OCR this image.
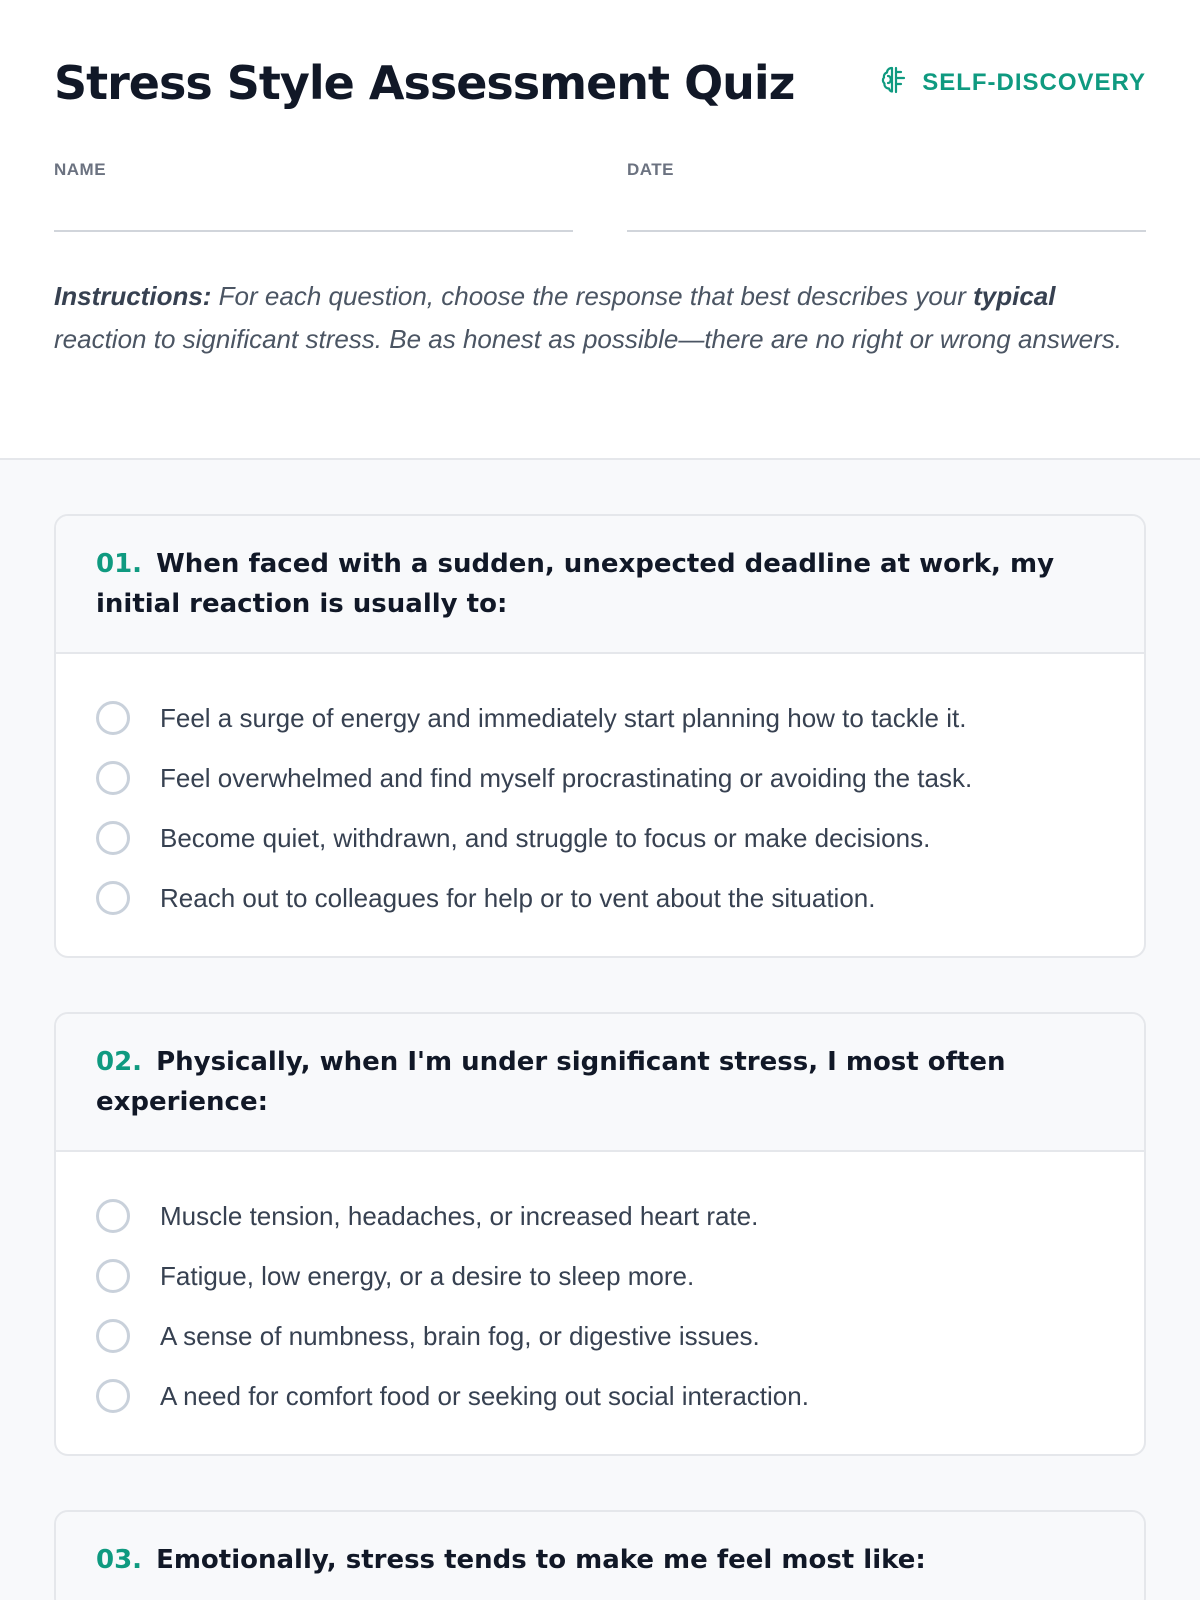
Stress Style Assessment Quiz	SELF-DISCOVERY
NAME	DATE
Instructions: For each question, choose the response that best describes your typical reaction to significant stress. Be as honest as possible—there are no right or wrong answers.
01. When faced with a sudden, unexpected deadline at work, my initial reaction is usually to:
Feel a surge of energy and immediately start planning how to tackle it.
Feel overwhelmed and find myself procrastinating or avoiding the task.
Become quiet, withdrawn, and struggle to focus or make decisions.
Reach out to colleagues for help or to vent about the situation.
02. Physically, when I'm under significant stress, I most often experience:
Muscle tension, headaches, or increased heart rate.
Fatigue, low energy, or a desire to sleep more.
A sense of numbness, brain fog, or digestive issues.
A need for comfort food or seeking out social interaction.
03. Emotionally, stress tends to make me feel most like:
